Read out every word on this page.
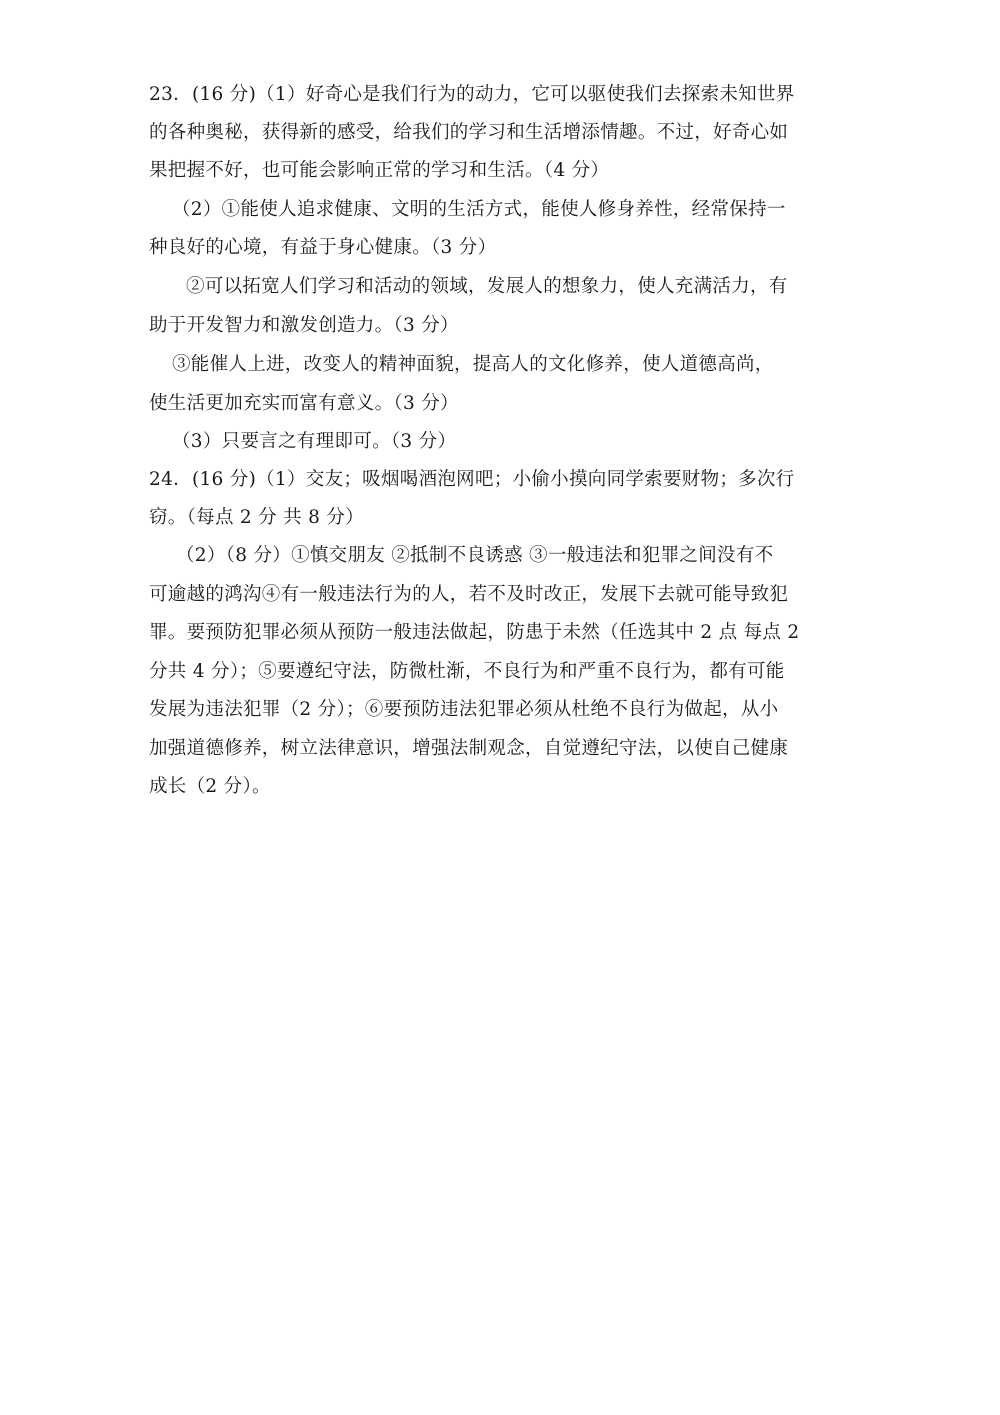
23．(16 分)（1）好奇心是我们行为的动力，它可以驱使我们去探索未知世界
的各种奥秘，获得新的感受，给我们的学习和生活增添情趣。不过，好奇心如
果把握不好，也可能会影响正常的学习和生活。（4 分）
（2）①能使人追求健康、文明的生活方式，能使人修身养性，经常保持一
种良好的心境，有益于身心健康。（3 分）
②可以拓宽人们学习和活动的领域，发展人的想象力，使人充满活力，有
助于开发智力和激发创造力。（3 分）
③能催人上进，改变人的精神面貌，提高人的文化修养，使人道德高尚，
使生活更加充实而富有意义。（3 分）
（3）只要言之有理即可。（3 分）
24．(16 分)（1）交友；吸烟喝酒泡网吧；小偷小摸向同学索要财物；多次行
窃。（每点 2 分 共 8 分）
（2）（8 分）①慎交朋友 ②抵制不良诱惑 ③一般违法和犯罪之间没有不
可逾越的鸿沟④有一般违法行为的人，若不及时改正，发展下去就可能导致犯
罪。要预防犯罪必须从预防一般违法做起，防患于未然（任选其中 2 点 每点 2
分共 4 分）；⑤要遵纪守法，防微杜渐，不良行为和严重不良行为，都有可能
发展为违法犯罪（2 分）；⑥要预防违法犯罪必须从杜绝不良行为做起，从小
加强道德修养，树立法律意识，增强法制观念，自觉遵纪守法，以使自己健康
成长（2 分）。
